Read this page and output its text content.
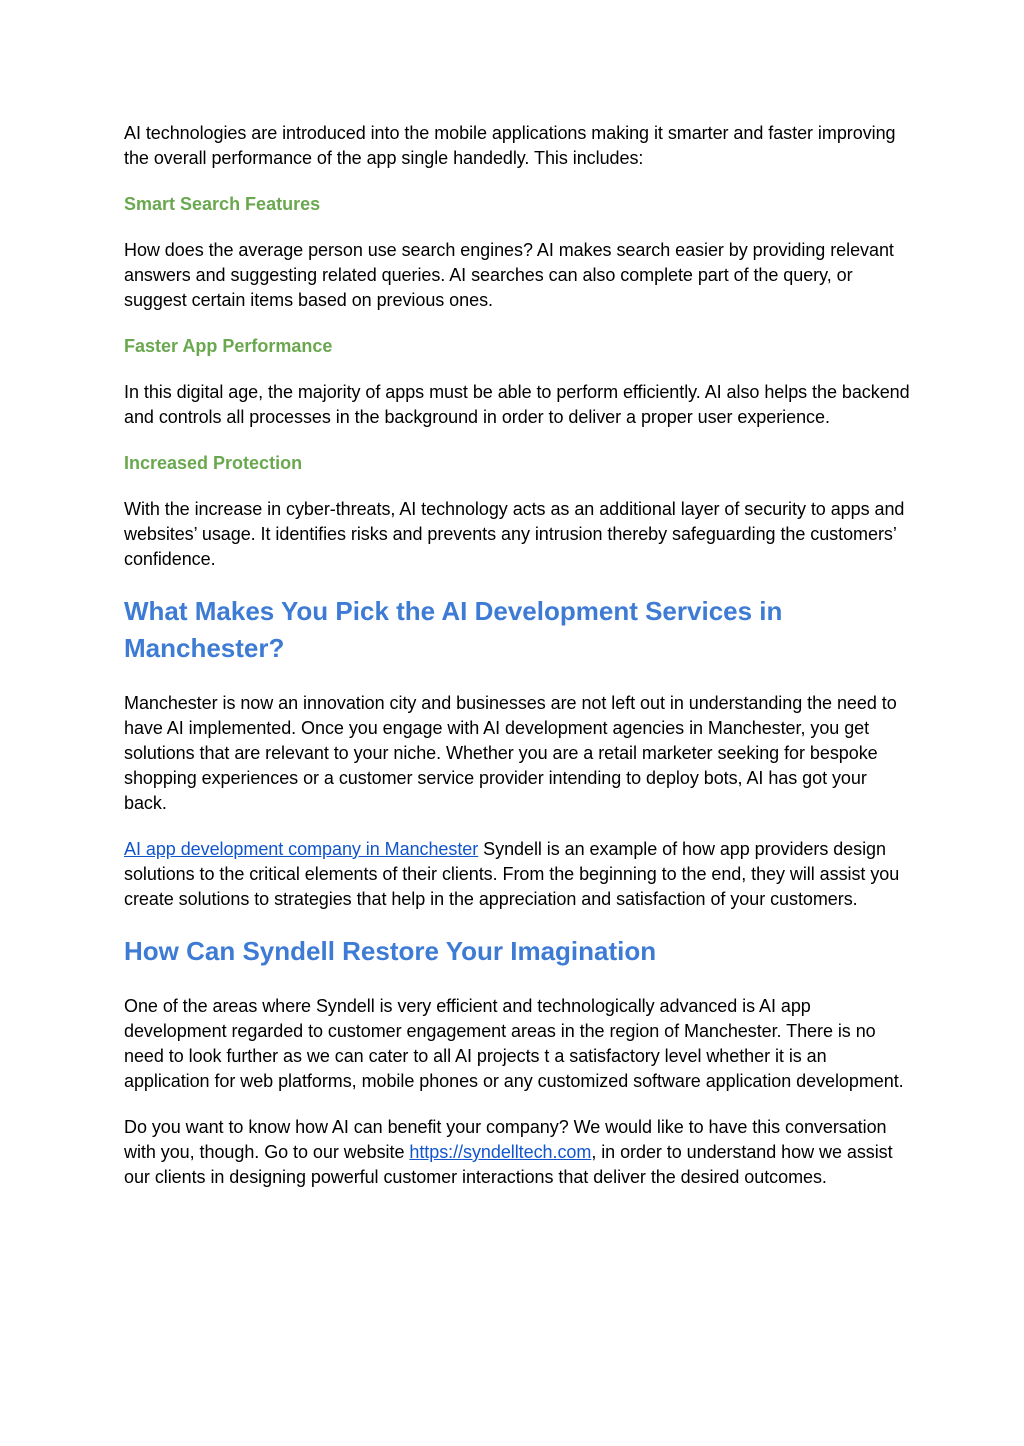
AI technologies are introduced into the mobile applications making it smarter and faster improving the overall performance of the app single handedly. This includes:

Smart Search Features

How does the average person use search engines? AI makes search easier by providing relevant answers and suggesting related queries. AI searches can also complete part of the query, or suggest certain items based on previous ones.

Faster App Performance

In this digital age, the majority of apps must be able to perform efficiently. AI also helps the backend and controls all processes in the background in order to deliver a proper user experience.

Increased Protection

With the increase in cyber-threats, AI technology acts as an additional layer of security to apps and websites’ usage. It identifies risks and prevents any intrusion thereby safeguarding the customers’ confidence.

What Makes You Pick the AI Development Services in Manchester?

Manchester is now an innovation city and businesses are not left out in understanding the need to have AI implemented. Once you engage with AI development agencies in Manchester, you get solutions that are relevant to your niche. Whether you are a retail marketer seeking for bespoke shopping experiences or a customer service provider intending to deploy bots, AI has got your back.

AI app development company in Manchester Syndell is an example of how app providers design solutions to the critical elements of their clients. From the beginning to the end, they will assist you create solutions to strategies that help in the appreciation and satisfaction of your customers.

How Can Syndell Restore Your Imagination

One of the areas where Syndell is very efficient and technologically advanced is AI app development regarded to customer engagement areas in the region of Manchester. There is no need to look further as we can cater to all AI projects t a satisfactory level whether it is an application for web platforms, mobile phones or any customized software application development.

Do you want to know how AI can benefit your company? We would like to have this conversation with you, though. Go to our website https://syndelltech.com, in order to understand how we assist our clients in designing powerful customer interactions that deliver the desired outcomes.
